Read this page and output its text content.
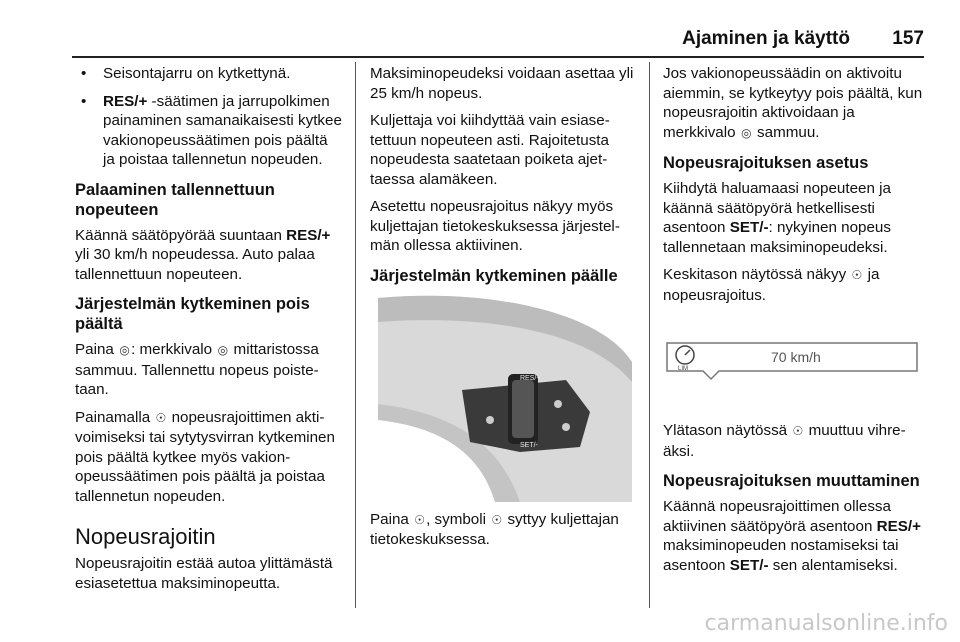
Ajaminen ja käyttö 157
• Seisontajarru on kytkettynä.
• RES/+ -säätimen ja jarrupolkimen painaminen samanaikaisesti kytkee vakionopeussäätimen pois päältä ja poistaa tallennetun nopeuden.
Palaaminen tallennettuun nopeuteen

Käännä säätöpyörää suuntaan RES/+ yli 30 km/h nopeudessa. Auto palaa tallennettuun nopeuteen.

Järjestelmän kytkeminen pois päältä

Paina ◎: merkkivalo ◎ mittaristossa sammuu. Tallennettu nopeus poistetaan.

Painamalla ☉ nopeusrajoittimen aktivoimiseksi tai sytytysvirran kytkeminen pois päältä kytkee myös vakionopeussäätimen pois päältä ja poistaa tallennetun nopeuden.

Nopeusrajoitin

Nopeusrajoitin estää autoa ylittämästä esiasetettua maksiminopeutta.

Maksiminopeudeksi voidaan asettaa yli 25 km/h nopeus.

Kuljettaja voi kiihdyttää vain esiasetettuun nopeuteen asti. Rajoitetusta nopeudesta saatetaan poiketa ajettaessa alamäkeen.

Asetettu nopeusrajoitus näkyy myös kuljettajan tietokeskuksessa järjestelmän ollessa aktiivinen.

Järjestelmän kytkeminen päälle
RES/+
SET/-

Paina ☉, symboli ☉ syttyy kuljettajan tietokeskuksessa.

Jos vakionopeussäädin on aktivoitu aiemmin, se kytkeytyy pois päältä, kun nopeusrajoitin aktivoidaan ja merkkivalo ◎ sammuu.

Nopeusrajoituksen asetus

Kiihdytä haluamaasi nopeuteen ja käännä säätöpyörä hetkellisesti asentoon SET/-: nykyinen nopeus tallennetaan maksiminopeudeksi.

Keskitason näytössä näkyy ☉ ja nopeusrajoitus.

LIM
70 km/h

Ylätason näytössä ☉ muuttuu vihreäksi.

Nopeusrajoituksen muuttaminen

Käännä nopeusrajoittimen ollessa aktiivinen säätöpyörä asentoon RES/+ maksiminopeuden nostamiseksi tai asentoon SET/- sen alentamiseksi.

carmanualsonline.info
